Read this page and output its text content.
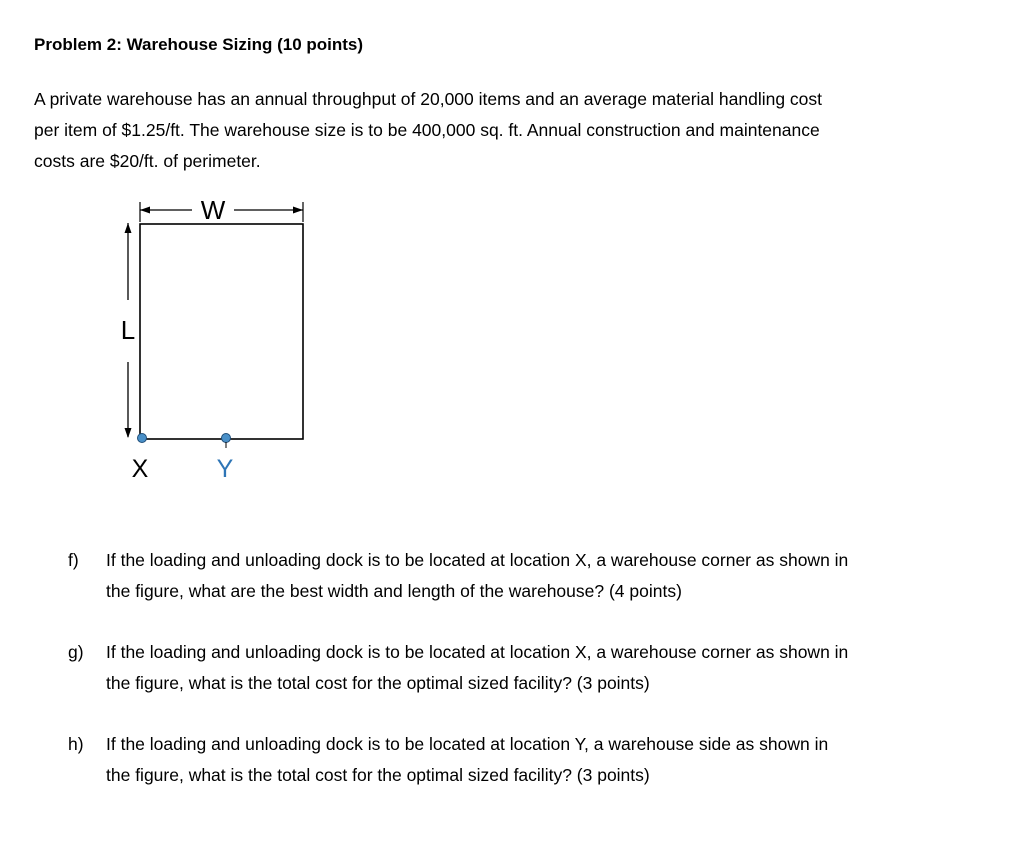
Problem 2: Warehouse Sizing (10 points)
A private warehouse has an annual throughput of 20,000 items and an average material handling cost
per item of $1.25/ft. The warehouse size is to be 400,000 sq. ft. Annual construction and maintenance
costs are $20/ft. of perimeter.
W
L
X	Y
f) If the loading and unloading dock is to be located at location X, a warehouse corner as shown in
the figure, what are the best width and length of the warehouse? (4 points)
g) If the loading and unloading dock is to be located at location X, a warehouse corner as shown in
the figure, what is the total cost for the optimal sized facility? (3 points)
h) If the loading and unloading dock is to be located at location Y, a warehouse side as shown in
the figure, what is the total cost for the optimal sized facility? (3 points)
